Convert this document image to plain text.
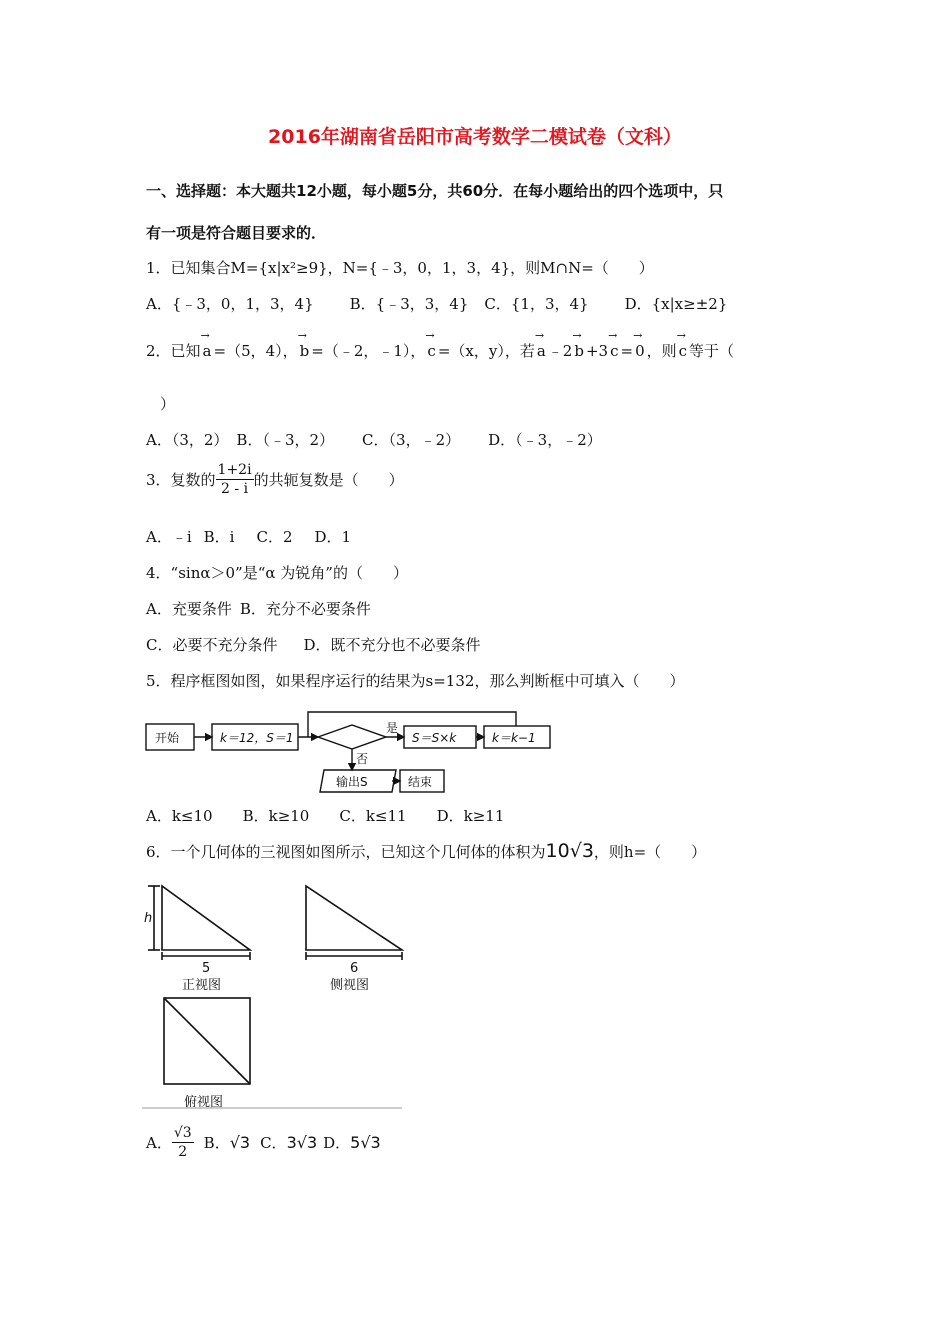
2016年湖南省岳阳市高考数学二模试卷（文科）
一、选择题：本大题共12小题，每小题5分，共60分．在每小题给出的四个选项中，只
有一项是符合题目要求的．
1．已知集合M={x|x²≥9}，N={﹣3，0，1，3，4}，则M∩N=（　　）
A．{﹣3，0，1，3，4} B．{﹣3，3，4} C．{1，3，4} D．{x|x≥±2}
2．已知 → a =（5，4）， → b =（﹣2，﹣1）， → c =（x，y），若 → a ﹣2 → b +3 → c = → 0 ，则 → c 等于（
）
A．（3，2） B．（﹣3，2） C．（3，﹣2） D．（﹣3，﹣2）
3．复数的 $\frac{1+2i}{2 - i}$ 的共轭复数是（　　）
A．﹣i B．i C．2 D．1
4．“sinα＞0”是“α 为锐角”的（　　）
A．充要条件 B．充分不必要条件
C．必要不充分条件 D．既不充分也不必要条件
5．程序框图如图，如果程序运行的结果为s=132，那么判断框中可填入（　　）
开始	k＝12，S＝1
是
否
S＝S×k	k＝k−1
输出S	结束
A．k≤10 B．k≥10 C．k≤11 D．k≥11
6．一个几何体的三视图如图所示，已知这个几何体的体积为10√3，则h=（　　）
h
5
正视图
6
侧视图
俯视图
A． $\frac{√3}{2}$ B．√3 C．3√3 D．5√3
